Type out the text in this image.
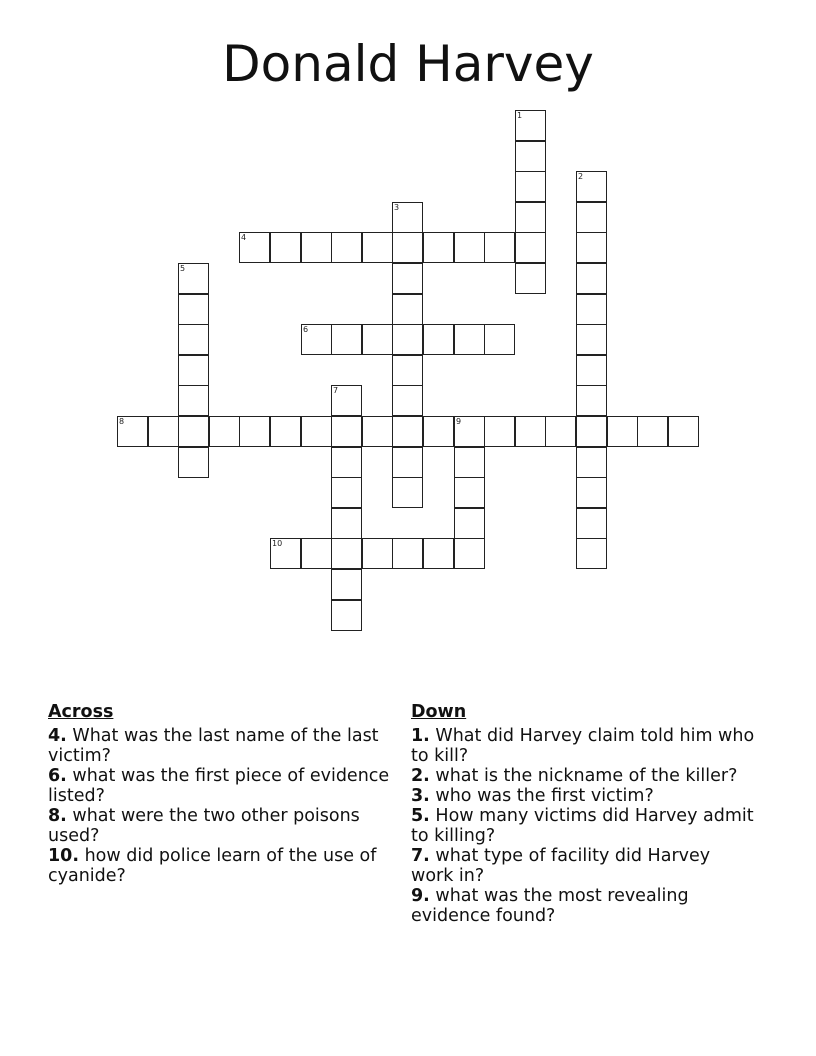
Donald Harvey
1
2
3
4
5
6
7
8	9
10
Across
4. What was the last name of the last victim?
6. what was the first piece of evidence listed?
8. what were the two other poisons used?
10. how did police learn of the use of cyanide?
Down
1. What did Harvey claim told him who to kill?
2. what is the nickname of the killer?
3. who was the first victim?
5. How many victims did Harvey admit to killing?
7. what type of facility did Harvey work in?
9. what was the most revealing evidence found?
